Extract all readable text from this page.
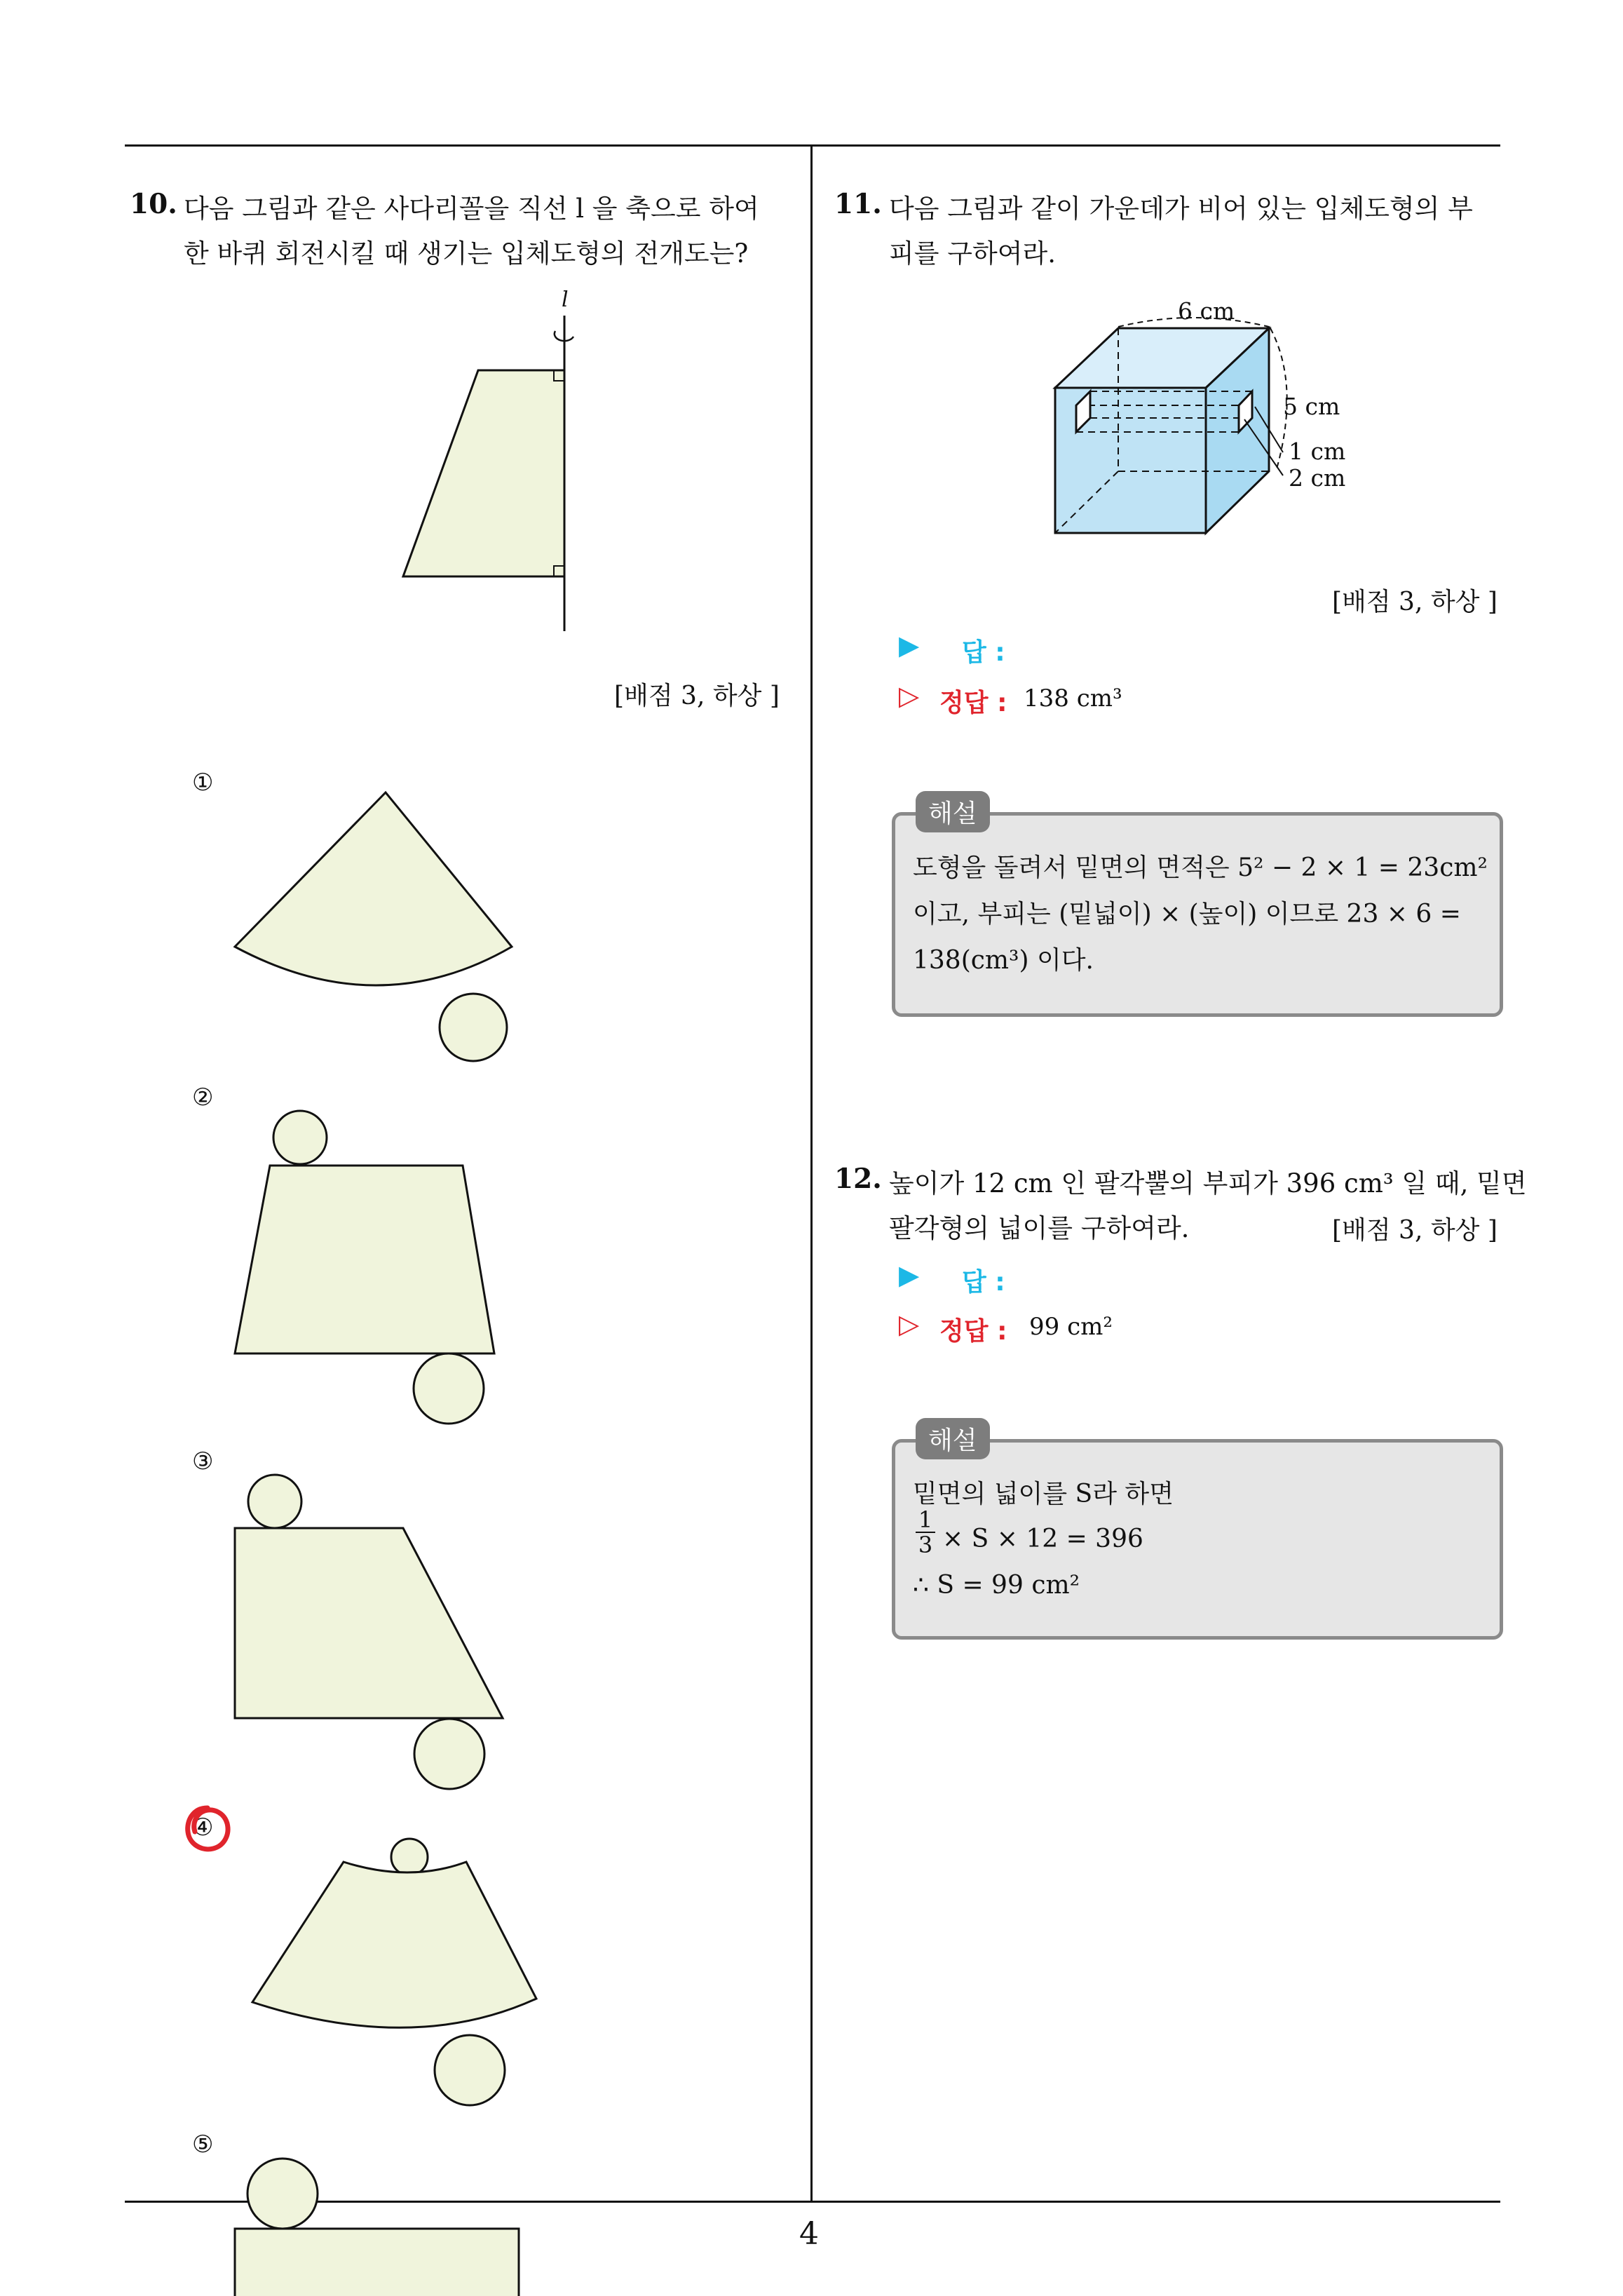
4
10. 다음 그림과 같은 사다리꼴을 직선 l 을 축으로 하여
한 바퀴 회전시킬 때 생기는 입체도형의 전개도는?
l
[배점 3, 하상 ]
①
②
③
④
⑤
11. 다음 그림과 같이 가운데가 비어 있는 입체도형의 부
피를 구하여라.
6 cm
5 cm
1 cm
2 cm
[배점 3, 하상 ]
▶ 답 :
▷ 정답 : 138 cm³
해설
도형을 돌려서 밑면의 면적은 5² − 2 × 1 = 23cm²
이고, 부피는 (밑넓이) × (높이) 이므로 23 × 6 =
138(cm³) 이다.
12. 높이가 12 cm 인 팔각뿔의 부피가 396 cm³ 일 때, 밑면
팔각형의 넓이를 구하여라.	[배점 3, 하상 ]
▶ 답 :
▷ 정답 : 99 cm²
해설
밑면의 넓이를 S라 하면
$\frac{1}{3} \times S \times 12 = 396$
∴ S = 99 cm²
